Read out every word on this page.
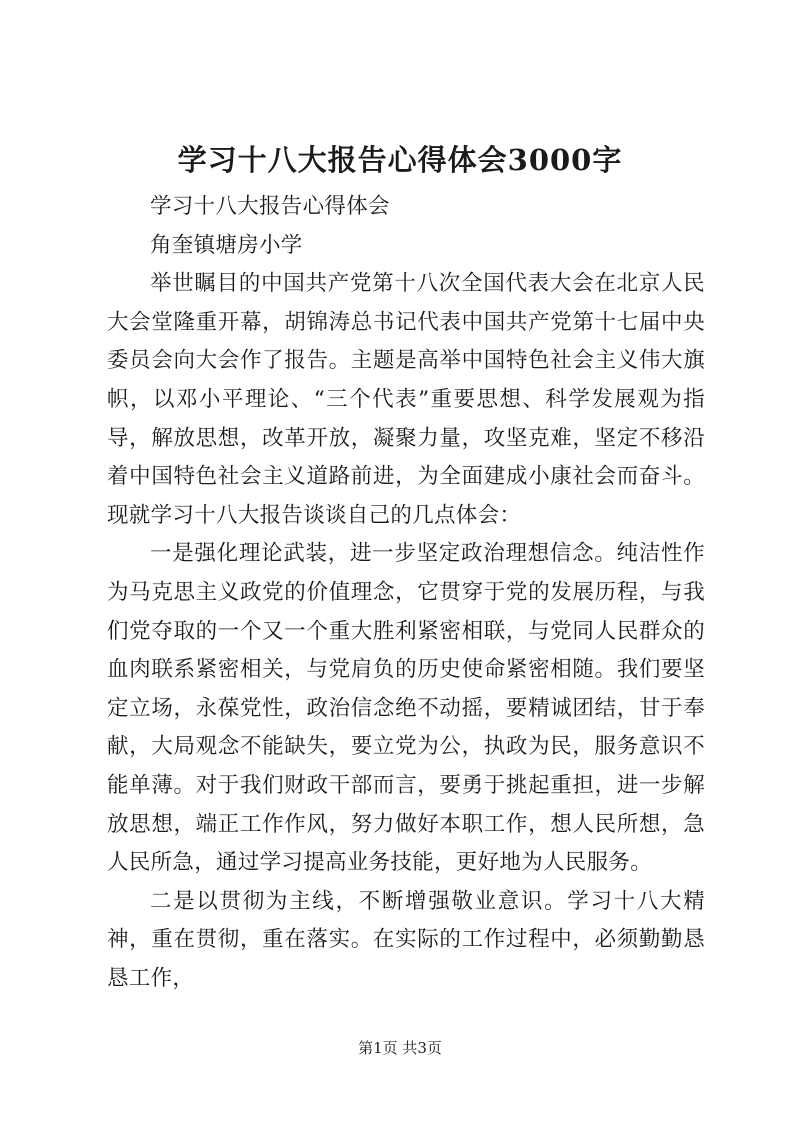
学习十八大报告心得体会3000字

学习十八大报告心得体会

角奎镇塘房小学

举世瞩目的中国共产党第十八次全国代表大会在北京人民大会堂隆重开幕，胡锦涛总书记代表中国共产党第十七届中央委员会向大会作了报告。主题是高举中国特色社会主义伟大旗帜，以邓小平理论、“三个代表”重要思想、科学发展观为指导，解放思想，改革开放，凝聚力量，攻坚克难，坚定不移沿着中国特色社会主义道路前进，为全面建成小康社会而奋斗。现就学习十八大报告谈谈自己的几点体会：

一是强化理论武装，进一步坚定政治理想信念。纯洁性作为马克思主义政党的价值理念，它贯穿于党的发展历程，与我们党夺取的一个又一个重大胜利紧密相联，与党同人民群众的血肉联系紧密相关，与党肩负的历史使命紧密相随。我们要坚定立场，永葆党性，政治信念绝不动摇，要精诚团结，甘于奉献，大局观念不能缺失，要立党为公，执政为民，服务意识不能单薄。对于我们财政干部而言，要勇于挑起重担，进一步解放思想，端正工作作风，努力做好本职工作，想人民所想，急人民所急，通过学习提高业务技能，更好地为人民服务。

二是以贯彻为主线，不断增强敬业意识。学习十八大精神，重在贯彻，重在落实。在实际的工作过程中，必须勤勤恳恳工作，

第1页 共3页
